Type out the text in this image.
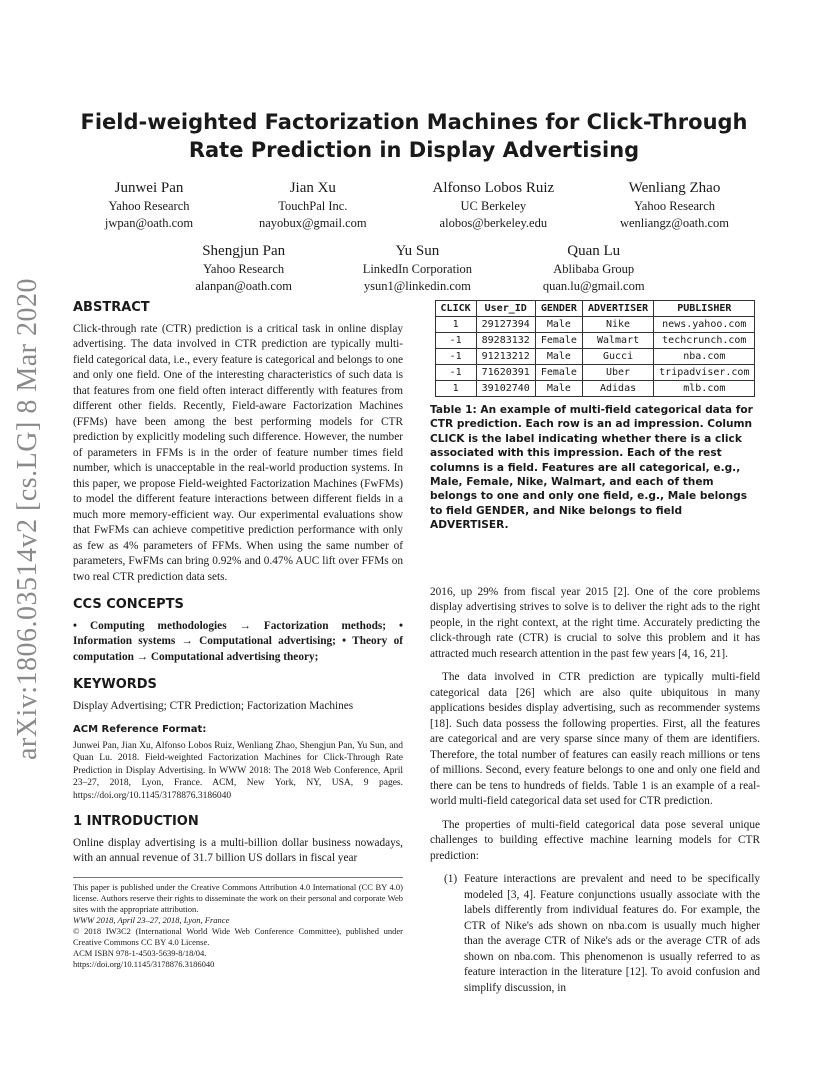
arXiv:1806.03514v2 [cs.LG] 8 Mar 2020
Field-weighted Factorization Machines for Click-Through Rate Prediction in Display Advertising
Junwei Pan
Yahoo Research
jwpan@oath.com
Jian Xu
TouchPal Inc.
nayobux@gmail.com
Alfonso Lobos Ruiz
UC Berkeley
alobos@berkeley.edu
Wenliang Zhao
Yahoo Research
wenliangz@oath.com
Shengjun Pan
Yahoo Research
alanpan@oath.com
Yu Sun
LinkedIn Corporation
ysun1@linkedin.com
Quan Lu
Ablibaba Group
quan.lu@gmail.com
ABSTRACT
Click-through rate (CTR) prediction is a critical task in online display advertising. The data involved in CTR prediction are typically multi-field categorical data, i.e., every feature is categorical and belongs to one and only one field. One of the interesting characteristics of such data is that features from one field often interact differently with features from different other fields. Recently, Field-aware Factorization Machines (FFMs) have been among the best performing models for CTR prediction by explicitly modeling such difference. However, the number of parameters in FFMs is in the order of feature number times field number, which is unacceptable in the real-world production systems. In this paper, we propose Field-weighted Factorization Machines (FwFMs) to model the different feature interactions between different fields in a much more memory-efficient way. Our experimental evaluations show that FwFMs can achieve competitive prediction performance with only as few as 4% parameters of FFMs. When using the same number of parameters, FwFMs can bring 0.92% and 0.47% AUC lift over FFMs on two real CTR prediction data sets.
CCS CONCEPTS
• Computing methodologies → Factorization methods; • Information systems → Computational advertising; • Theory of computation → Computational advertising theory;
KEYWORDS
Display Advertising; CTR Prediction; Factorization Machines
ACM Reference Format:
Junwei Pan, Jian Xu, Alfonso Lobos Ruiz, Wenliang Zhao, Shengjun Pan, Yu Sun, and Quan Lu. 2018. Field-weighted Factorization Machines for Click-Through Rate Prediction in Display Advertising. In WWW 2018: The 2018 Web Conference, April 23–27, 2018, Lyon, France. ACM, New York, NY, USA, 9 pages. https://doi.org/10.1145/3178876.3186040
1 INTRODUCTION
Online display advertising is a multi-billion dollar business nowadays, with an annual revenue of 31.7 billion US dollars in fiscal year
This paper is published under the Creative Commons Attribution 4.0 International (CC BY 4.0) license. Authors reserve their rights to disseminate the work on their personal and corporate Web sites with the appropriate attribution.
WWW 2018, April 23–27, 2018, Lyon, France
© 2018 IW3C2 (International World Wide Web Conference Committee), published under Creative Commons CC BY 4.0 License.
ACM ISBN 978-1-4503-5639-8/18/04.
https://doi.org/10.1145/3178876.3186040
CLICK	User_ID	GENDER	ADVERTISER	PUBLISHER
1	29127394	Male	Nike	news.yahoo.com
-1	89283132	Female	Walmart	techcrunch.com
-1	91213212	Male	Gucci	nba.com
-1	71620391	Female	Uber	tripadviser.com
1	39102740	Male	Adidas	mlb.com
Table 1: An example of multi-field categorical data for CTR prediction. Each row is an ad impression. Column CLICK is the label indicating whether there is a click associated with this impression. Each of the rest columns is a field. Features are all categorical, e.g., Male, Female, Nike, Walmart, and each of them belongs to one and only one field, e.g., Male belongs to field GENDER, and Nike belongs to field ADVERTISER.
2016, up 29% from fiscal year 2015 [2]. One of the core problems display advertising strives to solve is to deliver the right ads to the right people, in the right context, at the right time. Accurately predicting the click-through rate (CTR) is crucial to solve this problem and it has attracted much research attention in the past few years [4, 16, 21].
The data involved in CTR prediction are typically multi-field categorical data [26] which are also quite ubiquitous in many applications besides display advertising, such as recommender systems [18]. Such data possess the following properties. First, all the features are categorical and are very sparse since many of them are identifiers. Therefore, the total number of features can easily reach millions or tens of millions. Second, every feature belongs to one and only one field and there can be tens to hundreds of fields. Table 1 is an example of a real-world multi-field categorical data set used for CTR prediction.
The properties of multi-field categorical data pose several unique challenges to building effective machine learning models for CTR prediction:
(1) Feature interactions are prevalent and need to be specifically modeled [3, 4]. Feature conjunctions usually associate with the labels differently from individual features do. For example, the CTR of Nike's ads shown on nba.com is usually much higher than the average CTR of Nike's ads or the average CTR of ads shown on nba.com. This phenomenon is usually referred to as feature interaction in the literature [12]. To avoid confusion and simplify discussion, in
